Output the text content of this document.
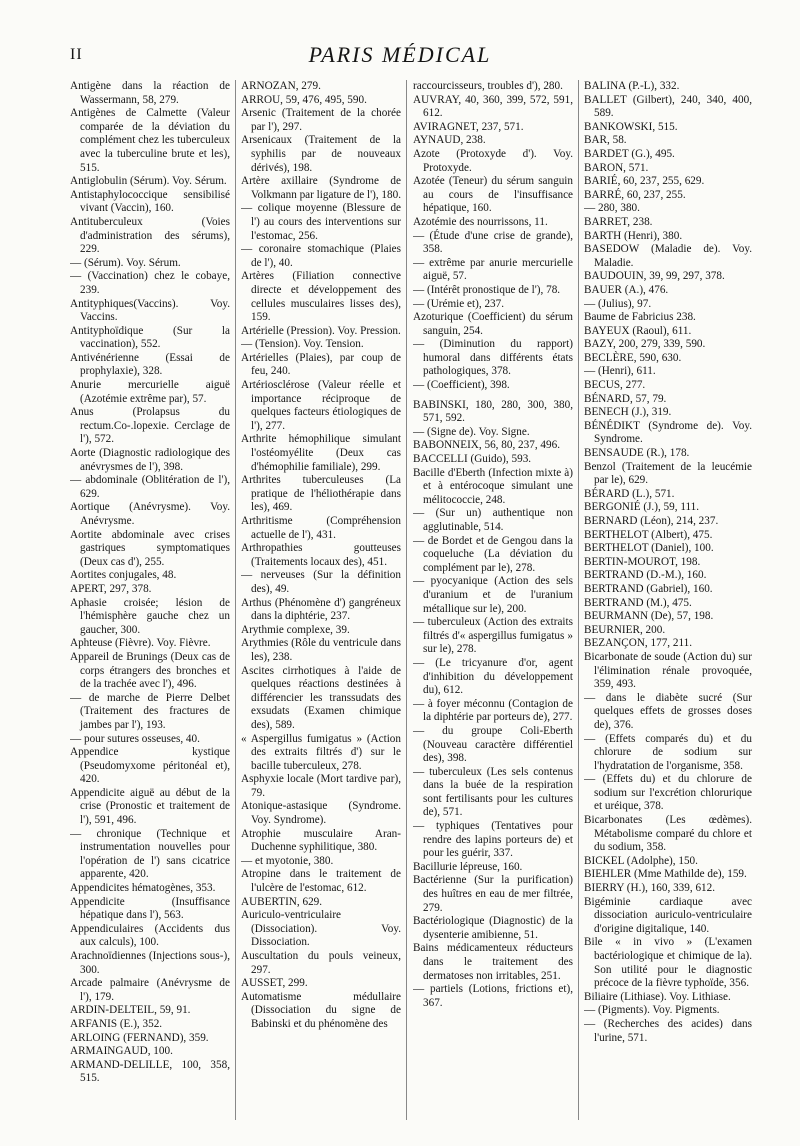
II	PARIS MÉDICAL

Antigène dans la réaction de Wassermann, 58, 279.

Antigènes de Calmette (Valeur comparée de la déviation du complément chez les tuberculeux avec la tuberculine brute et les), 515.

Antiglobulin (Sérum). Voy. Sérum.

Antistaphylococcique sensibilisé vivant (Vaccin), 160.

Antituberculeux (Voies d'administration des sérums), 229.

— (Sérum). Voy. Sérum.

— (Vaccination) chez le cobaye, 239.

Antityphiques(Vaccins). Voy. Vaccins.

Antityphoïdique (Sur la vaccination), 552.

Antivénérienne (Essai de prophylaxie), 328.

Anurie mercurielle aiguë (Azotémie extrême par), 57.

Anus (Prolapsus du rectum.Co-.lopexie. Cerclage de l'), 572.

Aorte (Diagnostic radiologique des anévrysmes de l'), 398.

— abdominale (Oblitération de l'), 629.

Aortique (Anévrysme). Voy. Anévrysme.

Aortite abdominale avec crises gastriques symptomatiques (Deux cas d'), 255.

Aortites conjugales, 48.

APERT, 297, 378.

Aphasie croisée; lésion de l'hémisphère gauche chez un gaucher, 300.

Aphteuse (Fièvre). Voy. Fièvre.

Appareil de Brunings (Deux cas de corps étrangers des bronches et de la trachée avec l'), 496.

— de marche de Pierre Delbet (Traitement des fractures de jambes par l'), 193.

— pour sutures osseuses, 40.

Appendice kystique (Pseudomyxome péritonéal et), 420.

Appendicite aiguë au début de la crise (Pronostic et traitement de l'), 591, 496.

— chronique (Technique et instrumentation nouvelles pour l'opération de l') sans cicatrice apparente, 420.

Appendicites hématogènes, 353.

Appendicite (Insuffisance hépatique dans l'), 563.

Appendiculaires (Accidents dus aux calculs), 100.

Arachnoïdiennes (Injections sous-), 300.

Arcade palmaire (Anévrysme de l'), 179.

ARDIN-DELTEIL, 59, 91.

ARFANIS (E.), 352.

ARLOING (FERNAND), 359.

ARMAINGAUD, 100.

ARMAND-DELILLE, 100, 358, 515.

ARNOZAN, 279.

ARROU, 59, 476, 495, 590.

Arsenic (Traitement de la chorée par l'), 297.

Arsenicaux (Traitement de la syphilis par de nouveaux dérivés), 198.

Artère axillaire (Syndrome de Volkmann par ligature de l'), 180.

— colique moyenne (Blessure de l') au cours des interventions sur l'estomac, 256.

— coronaire stomachique (Plaies de l'), 40.

Artères (Filiation connective directe et développement des cellules musculaires lisses des), 159.

Artérielle (Pression). Voy. Pression.

— (Tension). Voy. Tension.

Artérielles (Plaies), par coup de feu, 240.

Artériosclérose (Valeur réelle et importance réciproque de quelques facteurs étiologiques de l'), 277.

Arthrite hémophilique simulant l'ostéomyélite (Deux cas d'hémophilie familiale), 299.

Arthrites tuberculeuses (La pratique de l'héliothérapie dans les), 469.

Arthritisme (Compréhension actuelle de l'), 431.

Arthropathies goutteuses (Traitements locaux des), 451.

— nerveuses (Sur la définition des), 49.

Arthus (Phénomène d') gangréneux dans la diphtérie, 237.

Arythmie complexe, 39.

Arythmies (Rôle du ventricule dans les), 238.

Ascites cirrhotiques à l'aide de quelques réactions destinées à différencier les transsudats des exsudats (Examen chimique des), 589.

« Aspergillus fumigatus » (Action des extraits filtrés d') sur le bacille tuberculeux, 278.

Asphyxie locale (Mort tardive par), 79.

Atonique-astasique (Syndrome. Voy. Syndrome).

Atrophie musculaire Aran-Duchenne syphilitique, 380.

— et myotonie, 380.

Atropine dans le traitement de l'ulcère de l'estomac, 612.

AUBERTIN, 629.

Auriculo-ventriculaire (Dissociation). Voy. Dissociation.

Auscultation du pouls veineux, 297.

AUSSET, 299.

Automatisme médullaire (Dissociation du signe de Babinski et du phénomène des

raccourcisseurs, troubles d'), 280.

AUVRAY, 40, 360, 399, 572, 591, 612.

AVIRAGNET, 237, 571.

AYNAUD, 238.

Azote (Protoxyde d'). Voy. Protoxyde.

Azotée (Teneur) du sérum sanguin au cours de l'insuffisance hépatique, 160.

Azotémie des nourrissons, 11.

— (Étude d'une crise de grande), 358.

— extrême par anurie mercurielle aiguë, 57.

— (Intérêt pronostique de l'), 78.

— (Urémie et), 237.

Azoturique (Coefficient) du sérum sanguin, 254.

— (Diminution du rapport) humoral dans différents états pathologiques, 378.

— (Coefficient), 398.

BABINSKI, 180, 280, 300, 380, 571, 592.

— (Signe de). Voy. Signe.

BABONNEIX, 56, 80, 237, 496.

BACCELLI (Guido), 593.

Bacille d'Eberth (Infection mixte à) et à entérocoque simulant une mélitococcie, 248.

— (Sur un) authentique non agglutinable, 514.

— de Bordet et de Gengou dans la coqueluche (La déviation du complément par le), 278.

— pyocyanique (Action des sels d'uranium et de l'uranium métallique sur le), 200.

— tuberculeux (Action des extraits filtrés d'« aspergillus fumigatus » sur le), 278.

— (Le tricyanure d'or, agent d'inhibition du développement du), 612.

— à foyer méconnu (Contagion de la diphtérie par porteurs de), 277.

— du groupe Coli-Eberth (Nouveau caractère différentiel des), 398.

— tuberculeux (Les sels contenus dans la buée de la respiration sont fertilisants pour les cultures de), 571.

— typhiques (Tentatives pour rendre des lapins porteurs de) et pour les guérir, 337.

Bacillurie lépreuse, 160.

Bactérienne (Sur la purification) des huîtres en eau de mer filtrée, 279.

Bactériologique (Diagnostic) de la dysenterie amibienne, 51.

Bains médicamenteux réducteurs dans le traitement des dermatoses non irritables, 251.

— partiels (Lotions, frictions et), 367.

BALINA (P.-L), 332.

BALLET (Gilbert), 240, 340, 400, 589.

BANKOWSKI, 515.

BAR, 58.

BARDET (G.), 495.

BARON, 571.

BARIÉ, 60, 237, 255, 629.

BARRÉ, 60, 237, 255.

— 280, 380.

BARRET, 238.

BARTH (Henri), 380.

BASEDOW (Maladie de). Voy. Maladie.

BAUDOUIN, 39, 99, 297, 378.

BAUER (A.), 476.

— (Julius), 97.

Baume de Fabricius 238.

BAYEUX (Raoul), 611.

BAZY, 200, 279, 339, 590.

BECLÈRE, 590, 630.

— (Henri), 611.

BECUS, 277.

BÉNARD, 57, 79.

BENECH (J.), 319.

BÉNÉDIKT (Syndrome de). Voy. Syndrome.

BENSAUDE (R.), 178.

Benzol (Traitement de la leucémie par le), 629.

BÉRARD (L.), 571.

BERGONIÉ (J.), 59, 111.

BERNARD (Léon), 214, 237.

BERTHELOT (Albert), 475.

BERTHELOT (Daniel), 100.

BERTIN-MOUROT, 198.

BERTRAND (D.-M.), 160.

BERTRAND (Gabriel), 160.

BERTRAND (M.), 475.

BEURMANN (De), 57, 198.

BEURNIER, 200.

BEZANÇON, 177, 211.

Bicarbonate de soude (Action du) sur l'élimination rénale provoquée, 359, 493.

— dans le diabète sucré (Sur quelques effets de grosses doses de), 376.

— (Effets comparés du) et du chlorure de sodium sur l'hydratation de l'organisme, 358.

— (Effets du) et du chlorure de sodium sur l'excrétion chlorurique et uréique, 378.

Bicarbonates (Les œdèmes). Métabolisme comparé du chlore et du sodium, 358.

BICKEL (Adolphe), 150.

BIEHLER (Mme Mathilde de), 159.

BIERRY (H.), 160, 339, 612.

Bigéminie cardiaque avec dissociation auriculo-ventriculaire d'origine digitalique, 140.

Bile « in vivo » (L'examen bactériologique et chimique de la). Son utilité pour le diagnostic précoce de la fièvre typhoïde, 356.

Biliaire (Lithiase). Voy. Lithiase.

— (Pigments). Voy. Pigments.

— (Recherches des acides) dans l'urine, 571.
